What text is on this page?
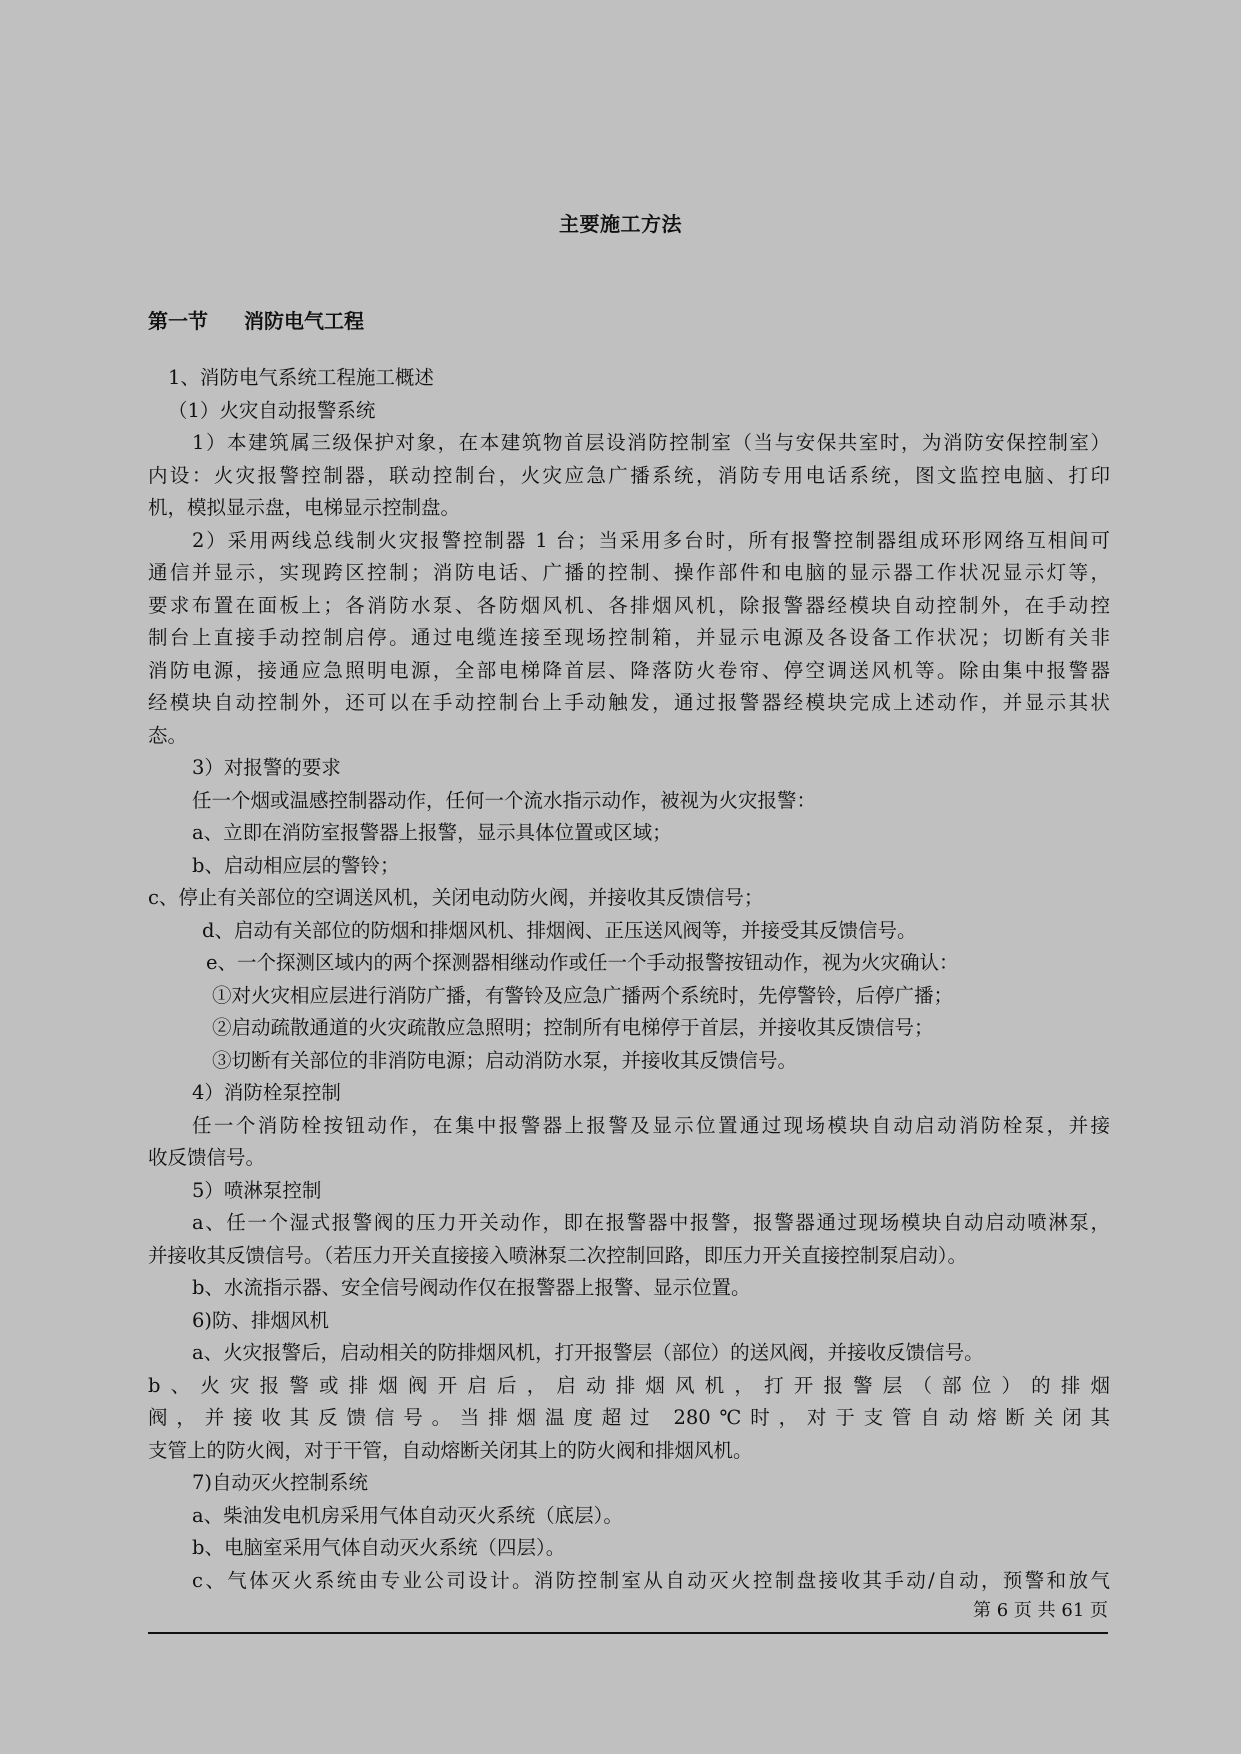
主要施工方法
第一节 消防电气工程
1、消防电气系统工程施工概述
（1）火灾自动报警系统
1）本建筑属三级保护对象，在本建筑物首层设消防控制室（当与安保共室时，为消防安保控制室）
内设：火灾报警控制器，联动控制台，火灾应急广播系统，消防专用电话系统，图文监控电脑、打印
机，模拟显示盘，电梯显示控制盘。
2）采用两线总线制火灾报警控制器 1 台；当采用多台时，所有报警控制器组成环形网络互相间可
通信并显示，实现跨区控制；消防电话、广播的控制、操作部件和电脑的显示器工作状况显示灯等，
要求布置在面板上；各消防水泵、各防烟风机、各排烟风机，除报警器经模块自动控制外，在手动控
制台上直接手动控制启停。通过电缆连接至现场控制箱，并显示电源及各设备工作状况；切断有关非
消防电源，接通应急照明电源，全部电梯降首层、降落防火卷帘、停空调送风机等。除由集中报警器
经模块自动控制外，还可以在手动控制台上手动触发，通过报警器经模块完成上述动作，并显示其状
态。
3）对报警的要求
任一个烟或温感控制器动作，任何一个流水指示动作，被视为火灾报警：
a、立即在消防室报警器上报警，显示具体位置或区域；
b、启动相应层的警铃；
c、停止有关部位的空调送风机，关闭电动防火阀，并接收其反馈信号；
d、启动有关部位的防烟和排烟风机、排烟阀、正压送风阀等，并接受其反馈信号。
e、一个探测区域内的两个探测器相继动作或任一个手动报警按钮动作，视为火灾确认：
①对火灾相应层进行消防广播，有警铃及应急广播两个系统时，先停警铃，后停广播；
②启动疏散通道的火灾疏散应急照明；控制所有电梯停于首层，并接收其反馈信号；
③切断有关部位的非消防电源；启动消防水泵，并接收其反馈信号。
4）消防栓泵控制
任一个消防栓按钮动作，在集中报警器上报警及显示位置通过现场模块自动启动消防栓泵，并接
收反馈信号。
5）喷淋泵控制
a、任一个湿式报警阀的压力开关动作，即在报警器中报警，报警器通过现场模块自动启动喷淋泵，
并接收其反馈信号。（若压力开关直接接入喷淋泵二次控制回路，即压力开关直接控制泵启动）。
b、水流指示器、安全信号阀动作仅在报警器上报警、显示位置。
6)防、排烟风机
a、火灾报警后，启动相关的防排烟风机，打开报警层（部位）的送风阀，并接收反馈信号。
b、火灾报警或排烟阀开启后，启动排烟风机，打开报警层（部位）的排烟
阀，并接收其反馈信号。当排烟温度超过 280℃时，对于支管自动熔断关闭其
支管上的防火阀，对于干管，自动熔断关闭其上的防火阀和排烟风机。
7)自动灭火控制系统
a、柴油发电机房采用气体自动灭火系统（底层）。
b、电脑室采用气体自动灭火系统（四层）。
c、气体灭火系统由专业公司设计。消防控制室从自动灭火控制盘接收其手动/自动，预警和放气
第 6 页 共 61 页
